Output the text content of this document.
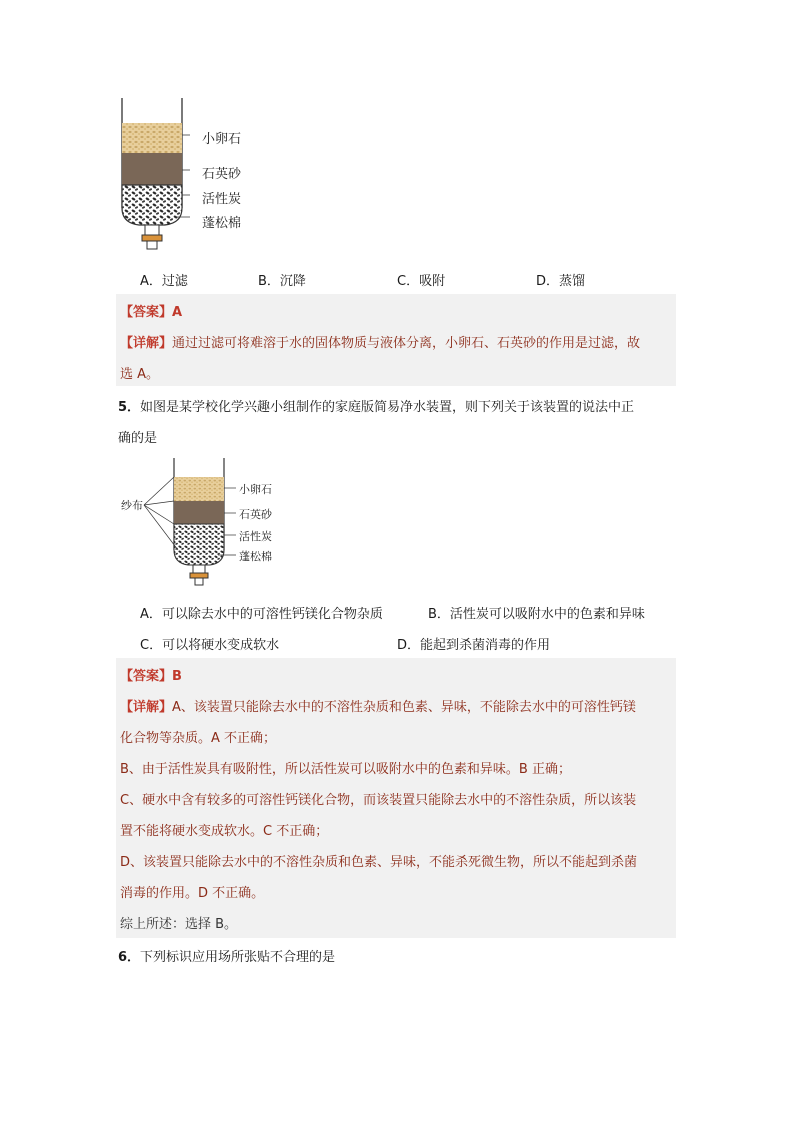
小卵石
石英砂
活性炭
蓬松棉
A．过滤	B．沉降	C．吸附	D．蒸馏
【答案】A
【详解】通过过滤可将难溶于水的固体物质与液体分离，小卵石、石英砂的作用是过滤，故
选 A。
5．如图是某学校化学兴趣小组制作的家庭版简易净水装置，则下列关于该装置的说法中正
确的是
纱布
小卵石
石英砂
活性炭
蓬松棉
A．可以除去水中的可溶性钙镁化合物杂质	B．活性炭可以吸附水中的色素和异味
C．可以将硬水变成软水	D．能起到杀菌消毒的作用
【答案】B
【详解】A、该装置只能除去水中的不溶性杂质和色素、异味，不能除去水中的可溶性钙镁
化合物等杂质。A 不正确；
B、由于活性炭具有吸附性，所以活性炭可以吸附水中的色素和异味。B 正确；
C、硬水中含有较多的可溶性钙镁化合物，而该装置只能除去水中的不溶性杂质，所以该装
置不能将硬水变成软水。C 不正确；
D、该装置只能除去水中的不溶性杂质和色素、异味，不能杀死微生物，所以不能起到杀菌
消毒的作用。D 不正确。
综上所述：选择 B。
6．下列标识应用场所张贴不合理的是
